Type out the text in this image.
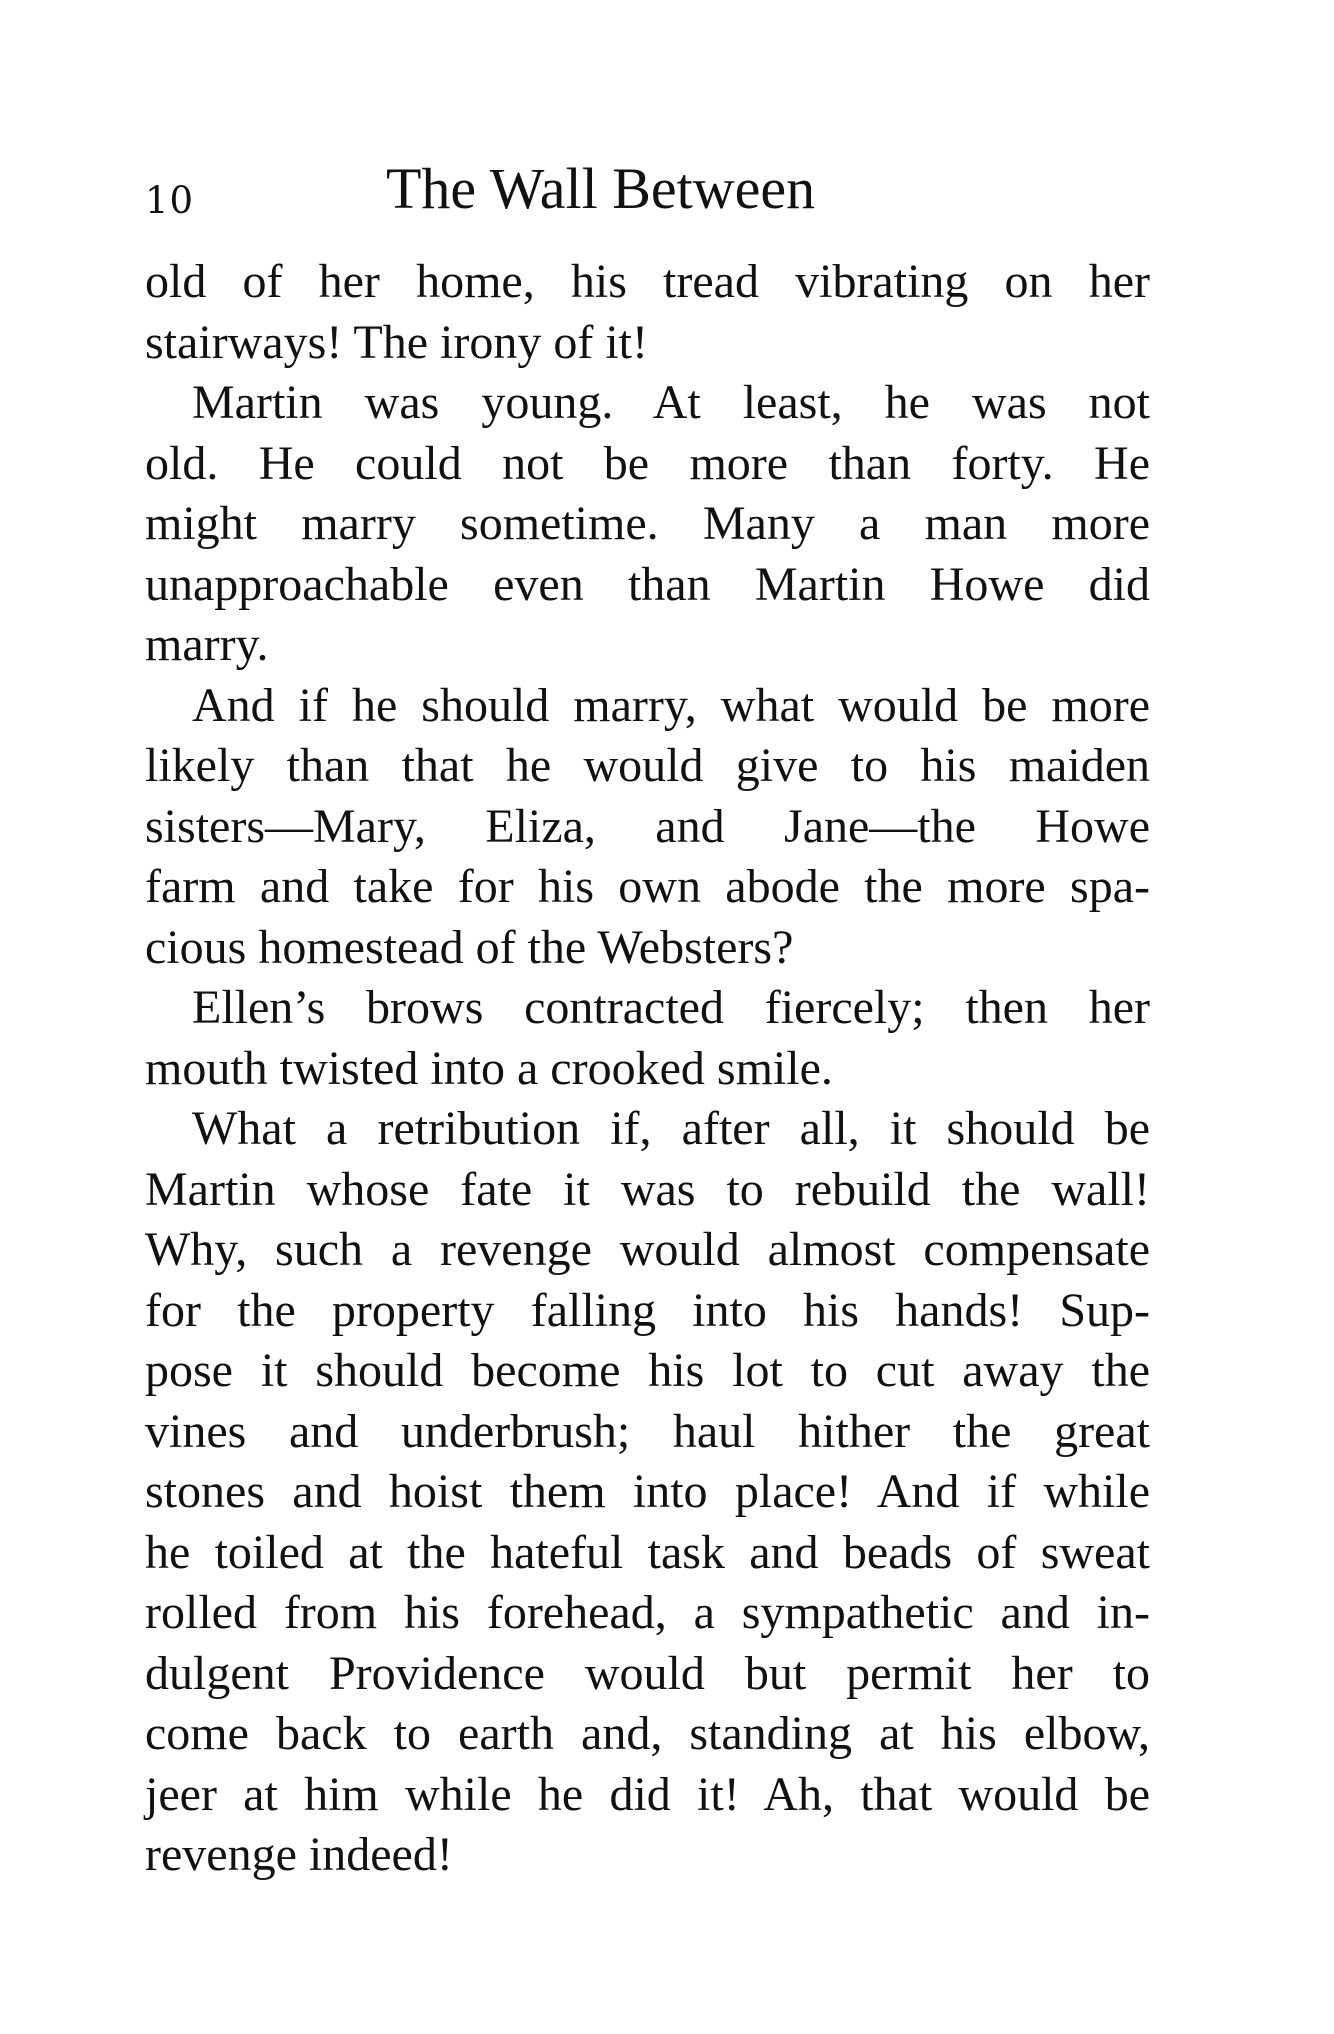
10	The Wall Between
old of her home, his tread vibrating on her
stairways! The irony of it!
Martin was young. At least, he was not
old. He could not be more than forty. He
might marry sometime. Many a man more
unapproachable even than Martin Howe did
marry.
And if he should marry, what would be more
likely than that he would give to his maiden
sisters—Mary, Eliza, and Jane—the Howe
farm and take for his own abode the more spa-
cious homestead of the Websters?
Ellen’s brows contracted fiercely; then her
mouth twisted into a crooked smile.
What a retribution if, after all, it should be
Martin whose fate it was to rebuild the wall!
Why, such a revenge would almost compensate
for the property falling into his hands! Sup-
pose it should become his lot to cut away the
vines and underbrush; haul hither the great
stones and hoist them into place! And if while
he toiled at the hateful task and beads of sweat
rolled from his forehead, a sympathetic and in-
dulgent Providence would but permit her to
come back to earth and, standing at his elbow,
jeer at him while he did it! Ah, that would be
revenge indeed!
